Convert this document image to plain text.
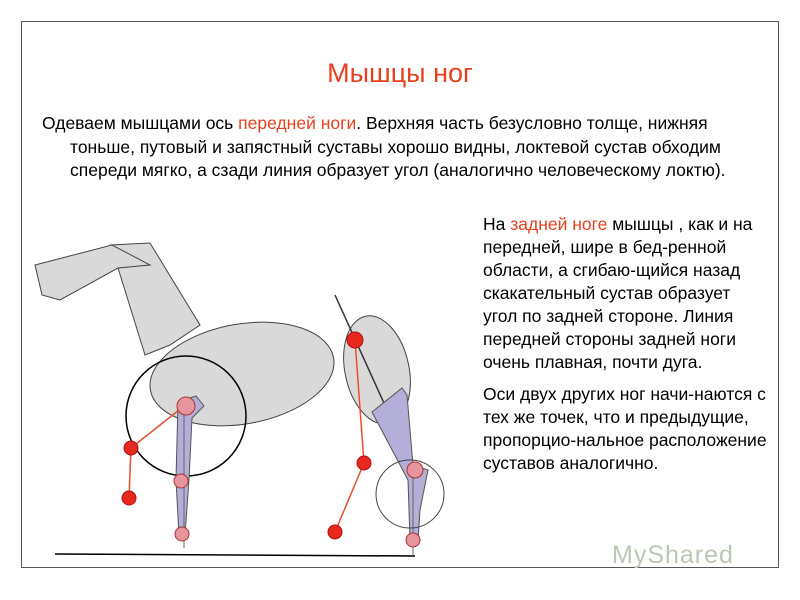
Мышцы ног
Одеваем мышцами ось передней ноги. Верхняя часть безусловно толще, нижняя тоньше, путовый и запястный суставы хорошо видны, локтевой сустав обходим спереди мягко, а сзади линия образует угол (аналогично человеческому локтю).

На задней ноге мышцы , как и на передней, шире в бед-ренной области, а сгибаю-щийся назад скакательный сустав образует угол по задней стороне. Линия передней стороны задней ноги очень плавная, почти дуга.

Оси двух других ног начи-наются с тех же точек, что и предыдущие, пропорцио-нальное расположение суставов аналогично.

MyShared
